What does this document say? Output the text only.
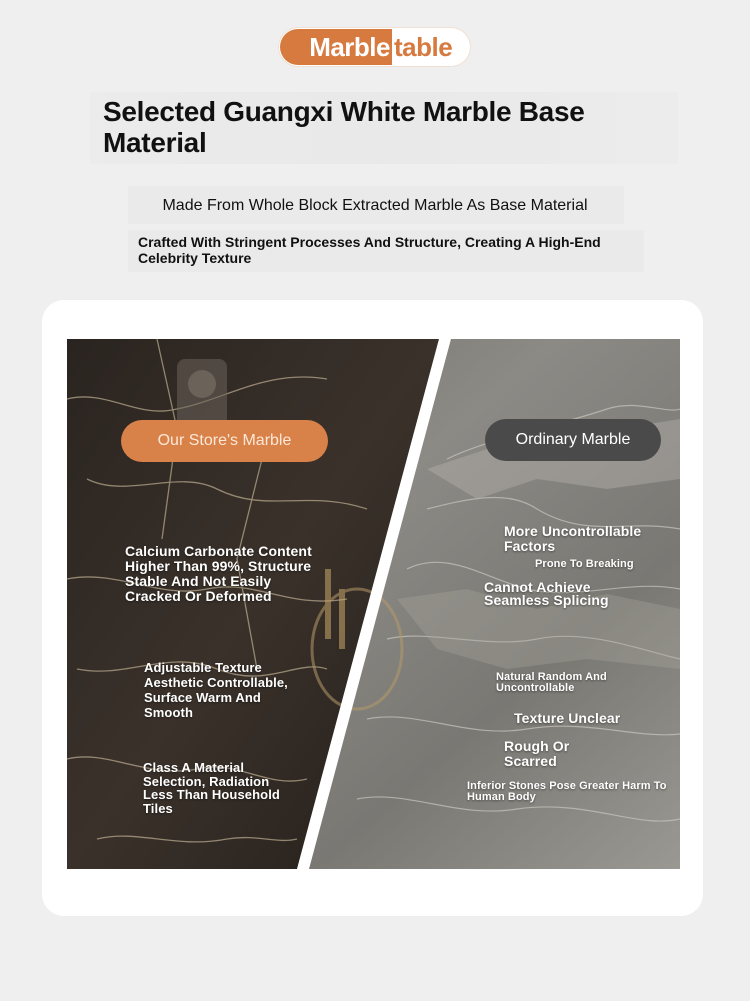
Marble table
Selected Guangxi White Marble Base Material
Made From Whole Block Extracted Marble As Base Material
Crafted With Stringent Processes And Structure, Creating A High-End Celebrity Texture
Our Store's Marble	Ordinary Marble
Calcium Carbonate Content Higher Than 99%, Structure Stable And Not Easily Cracked Or Deformed
Adjustable Texture Aesthetic Controllable, Surface Warm And Smooth
Class A Material Selection, Radiation Less Than Household Tiles
More Uncontrollable Factors
Prone To Breaking
Cannot Achieve Seamless Splicing
Natural Random And Uncontrollable
Texture Unclear
Rough Or Scarred
Inferior Stones Pose Greater Harm To Human Body
